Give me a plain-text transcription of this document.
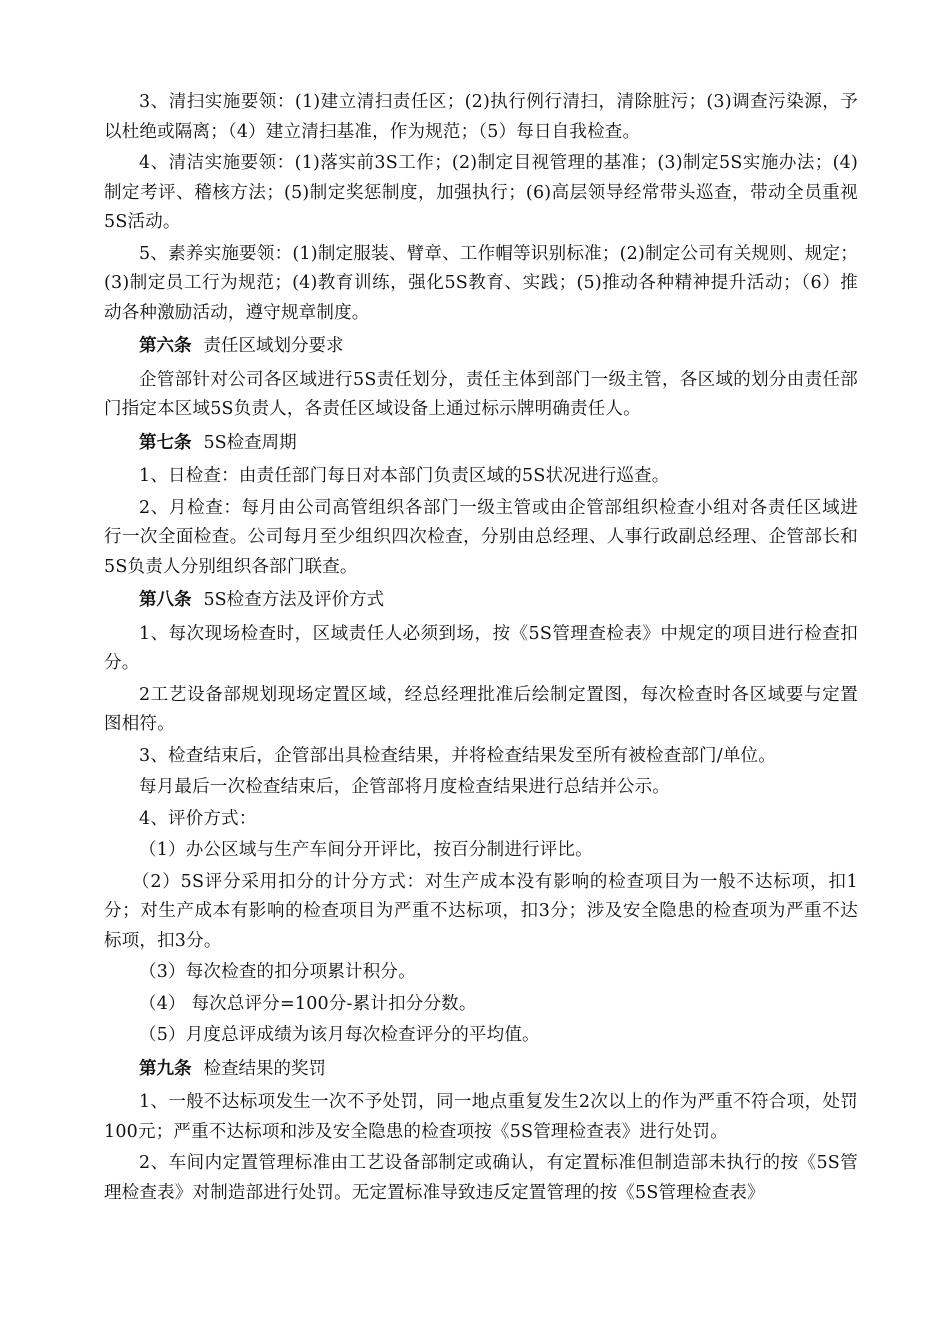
3、清扫实施要领：(1)建立清扫责任区；(2)执行例行清扫，清除脏污；(3)调查污染源，予以杜绝或隔离；（4）建立清扫基准，作为规范；（5）每日自我检查。

4、清洁实施要领：(1)落实前3S工作；(2)制定目视管理的基准；(3)制定5S实施办法；(4)制定考评、稽核方法；(5)制定奖惩制度，加强执行；(6)高层领导经常带头巡查，带动全员重视5S活动。

5、素养实施要领：(1)制定服装、臂章、工作帽等识别标准；(2)制定公司有关规则、规定；(3)制定员工行为规范；(4)教育训练，强化5S教育、实践；(5)推动各种精神提升活动；（6）推动各种激励活动，遵守规章制度。

第六条 责任区域划分要求

企管部针对公司各区域进行5S责任划分，责任主体到部门一级主管，各区域的划分由责任部门指定本区域5S负责人，各责任区域设备上通过标示牌明确责任人。

第七条 5S检查周期

1、日检查：由责任部门每日对本部门负责区域的5S状况进行巡查。

2、月检查：每月由公司高管组织各部门一级主管或由企管部组织检查小组对各责任区域进行一次全面检查。公司每月至少组织四次检查，分别由总经理、人事行政副总经理、企管部长和5S负责人分别组织各部门联查。

第八条 5S检查方法及评价方式

1、每次现场检查时，区域责任人必须到场，按《5S管理查检表》中规定的项目进行检查扣分。

2工艺设备部规划现场定置区域，经总经理批准后绘制定置图，每次检查时各区域要与定置图相符。

3、检查结束后，企管部出具检查结果，并将检查结果发至所有被检查部门/单位。

每月最后一次检查结束后，企管部将月度检查结果进行总结并公示。

4、评价方式：

（1）办公区域与生产车间分开评比，按百分制进行评比。

（2）5S评分采用扣分的计分方式：对生产成本没有影响的检查项目为一般不达标项，扣1分；对生产成本有影响的检查项目为严重不达标项，扣3分；涉及安全隐患的检查项为严重不达标项，扣3分。

（3）每次检查的扣分项累计积分。

（4） 每次总评分=100分-累计扣分分数。

（5）月度总评成绩为该月每次检查评分的平均值。

第九条 检查结果的奖罚

1、一般不达标项发生一次不予处罚，同一地点重复发生2次以上的作为严重不符合项，处罚100元；严重不达标项和涉及安全隐患的检查项按《5S管理检查表》进行处罚。

2、车间内定置管理标准由工艺设备部制定或确认，有定置标准但制造部未执行的按《5S管理检查表》对制造部进行处罚。无定置标准导致违反定置管理的按《5S管理检查表》
